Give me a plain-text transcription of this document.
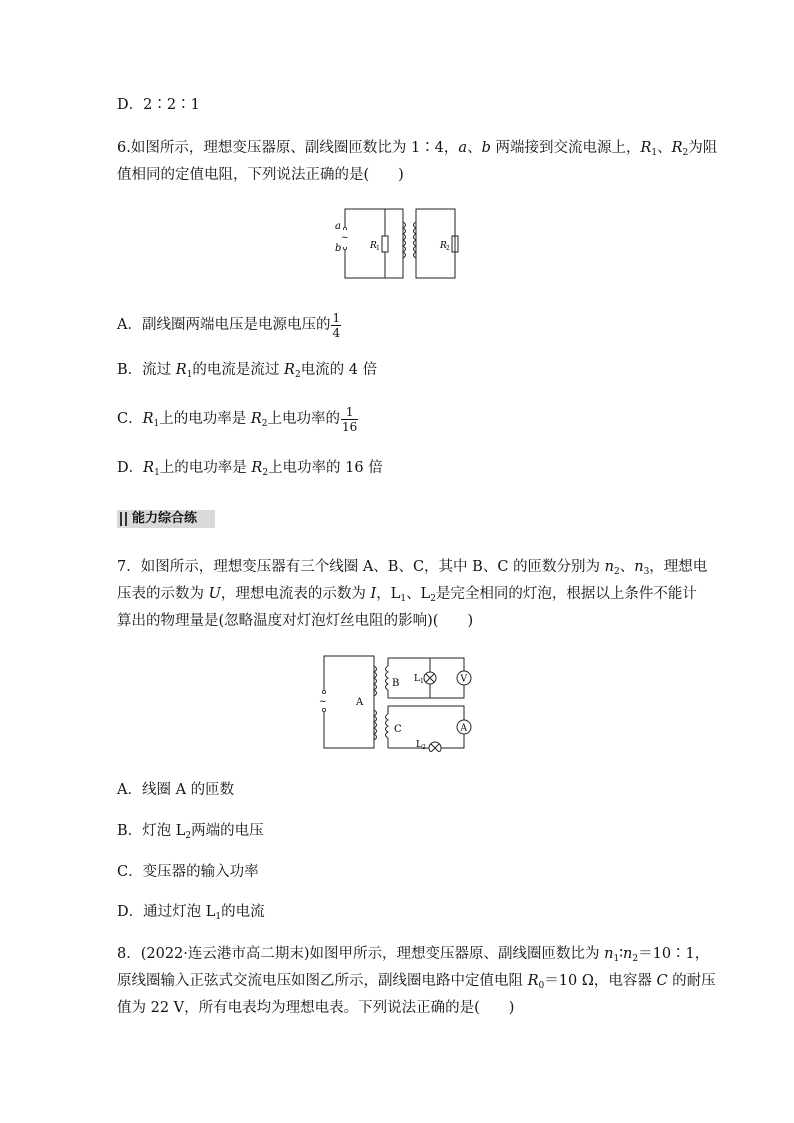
D．2∶2∶1
6.如图所示，理想变压器原、副线圈匝数比为 1∶4，a、b 两端接到交流电源上，$R_1$、$R_2$为阻
值相同的定值电阻，下列说法正确的是(　　)
a
~
b	R 1	R 2
A．副线圈两端电压是电源电压的 $\frac{1}{4}$
B．流过 $R_1$的电流是流过 $R_2$电流的 4 倍
C．$R_1$上的电功率是 $R_2$上电功率的 $\frac{1}{16}$
D．$R_1$上的电功率是 $R_2$上电功率的 16 倍
能力综合练
7．如图所示，理想变压器有三个线圈 A、B、C，其中 B、C 的匝数分别为 $n_2$、$n_3$，理想电
压表的示数为 U，理想电流表的示数为 I，$L_1$、$L_2$是完全相同的灯泡，根据以上条件不能计
算出的物理量是(忽略温度对灯泡灯丝电阻的影响)(　　)
~	A
B
C
L 1	V
A
L 2
A．线圈 A 的匝数
B．灯泡 $L_2$两端的电压
C．变压器的输入功率
D．通过灯泡 $L_1$的电流
8．(2022·连云港市高二期末)如图甲所示，理想变压器原、副线圈匝数比为 $n_1∶n_2=10∶1$，
原线圈输入正弦式交流电压如图乙所示，副线圈电路中定值电阻 $R_0=10$ Ω，电容器 C 的耐压
值为 22 V，所有电表均为理想电表。下列说法正确的是(　　)
